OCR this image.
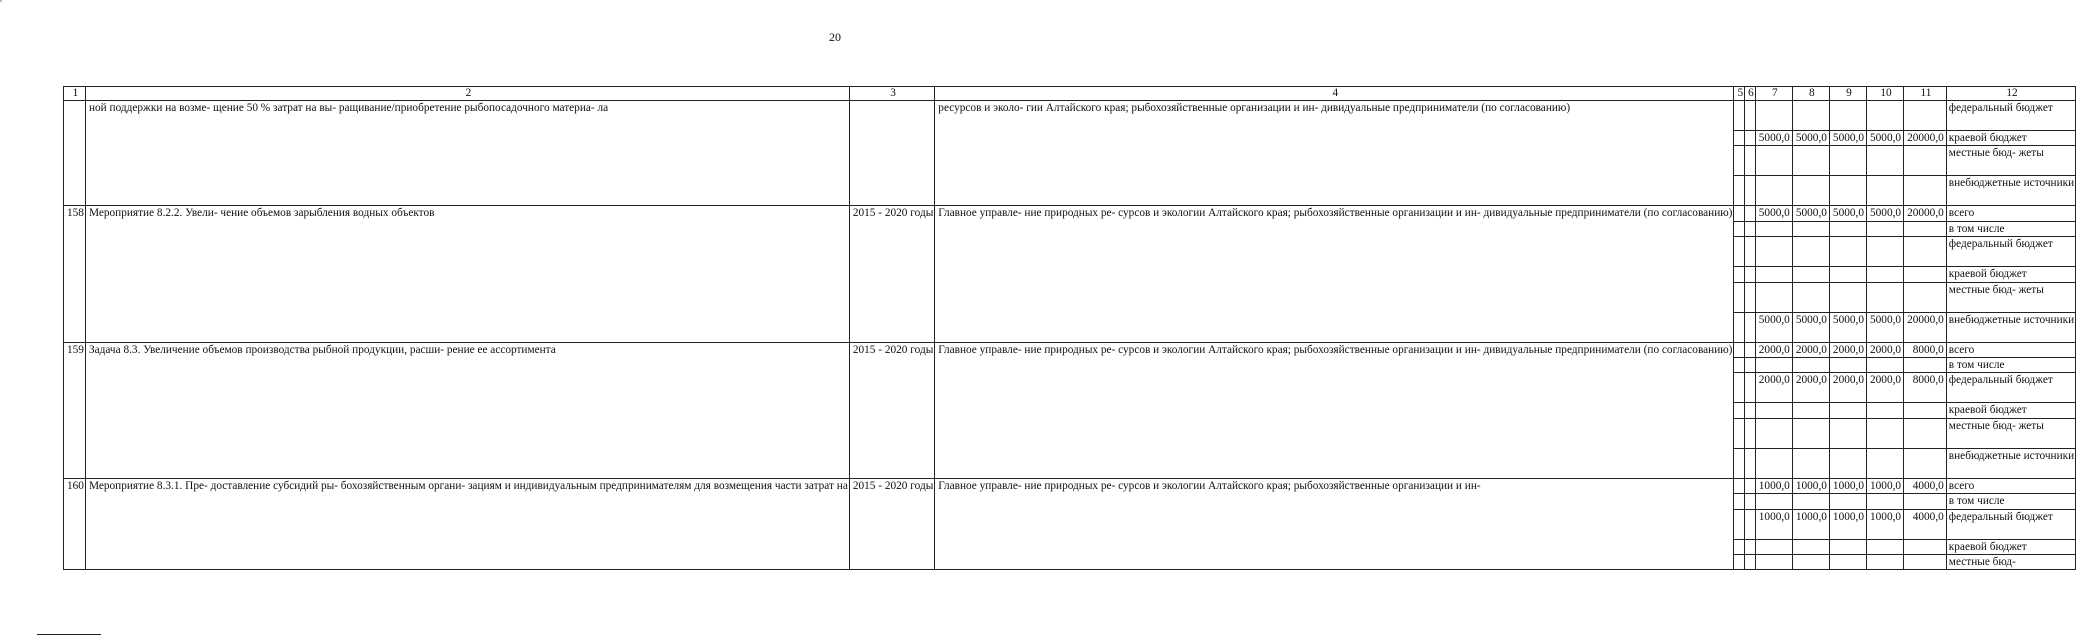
20
1	2	3	4	5	6	7	8	9	10	11	12
	ной поддержки на возме- щение 50 % затрат на вы- ращивание/приобретение рыбопосадочного материа- ла		ресурсов и эколо- гии Алтайского края; рыбохозяйственные организации и ин- дивидуальные предприниматели (по согласованию)								федеральный бюджет
						5000,0	5000,0	5000,0	5000,0	20000,0	краевой бюджет
											местные бюд- жеты
											внебюджетные источники
158	Мероприятие 8.2.2. Увели- чение объемов зарыбления водных объектов	2015 - 2020 годы	Главное управле- ние природных ре- сурсов и экологии Алтайского края; рыбохозяйственные организации и ин- дивидуальные предприниматели (по согласованию)			5000,0	5000,0	5000,0	5000,0	20000,0	всего
											в том числе
											федеральный бюджет
											краевой бюджет
											местные бюд- жеты
						5000,0	5000,0	5000,0	5000,0	20000,0	внебюджетные источники
159	Задача 8.3. Увеличение объемов производства рыбной продукции, расши- рение ее ассортимента	2015 - 2020 годы	Главное управле- ние природных ре- сурсов и экологии Алтайского края; рыбохозяйственные организации и ин- дивидуальные предприниматели (по согласованию)			2000,0	2000,0	2000,0	2000,0	8000,0	всего
											в том числе
						2000,0	2000,0	2000,0	2000,0	8000,0	федеральный бюджет
											краевой бюджет
											местные бюд- жеты
											внебюджетные источники
160	Мероприятие 8.3.1. Пре- доставление субсидий ры- бохозяйственным органи- зациям и индивидуальным предпринимателям для возмещения части затрат на	2015 - 2020 годы	Главное управле- ние природных ре- сурсов и экологии Алтайского края; рыбохозяйственные организации и ин-			1000,0	1000,0	1000,0	1000,0	4000,0	всего
											в том числе
						1000,0	1000,0	1000,0	1000,0	4000,0	федеральный бюджет
											краевой бюджет
											местные бюд-
